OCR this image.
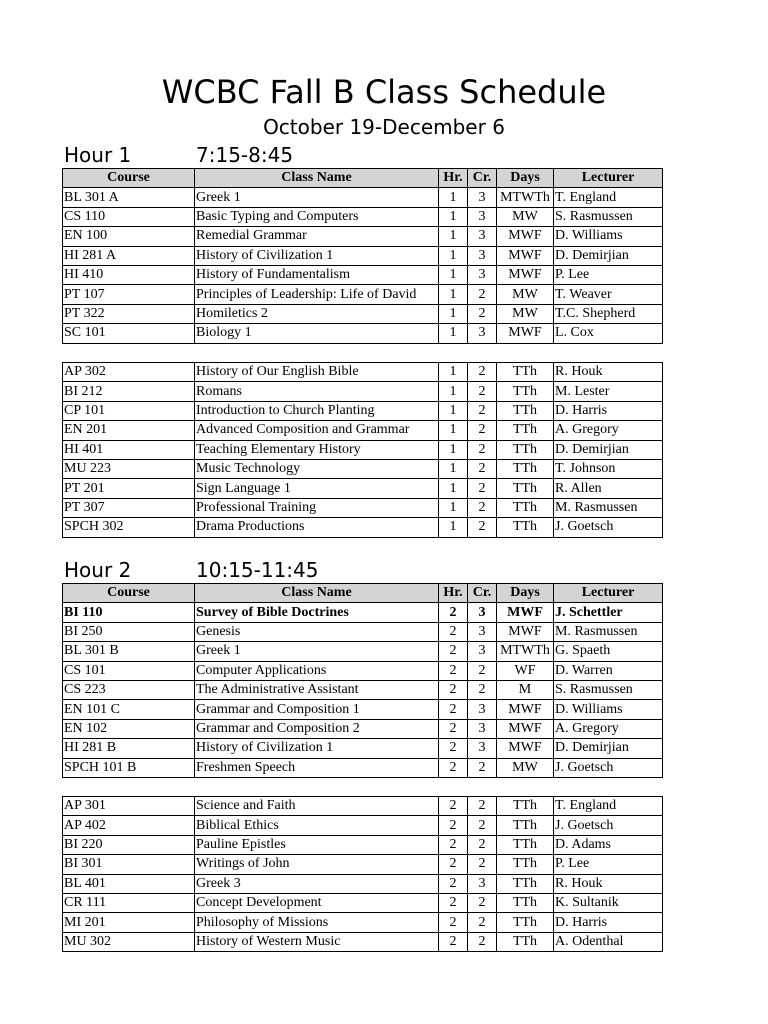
WCBC Fall B Class Schedule
October 19-December 6
Hour 1	7:15-8:45
Course	Class Name	Hr.	Cr.	Days	Lecturer
BL 301 A	Greek 1	1	3	MTWTh	T. England
CS 110	Basic Typing and Computers	1	3	MW	S. Rasmussen
EN 100	Remedial Grammar	1	3	MWF	D. Williams
HI 281 A	History of Civilization 1	1	3	MWF	D. Demirjian
HI 410	History of Fundamentalism	1	3	MWF	P. Lee
PT 107	Principles of Leadership: Life of David	1	2	MW	T. Weaver
PT 322	Homiletics 2	1	2	MW	T.C. Shepherd
SC 101	Biology 1	1	3	MWF	L. Cox
AP 302	History of Our English Bible	1	2	TTh	R. Houk
BI 212	Romans	1	2	TTh	M. Lester
CP 101	Introduction to Church Planting	1	2	TTh	D. Harris
EN 201	Advanced Composition and Grammar	1	2	TTh	A. Gregory
HI 401	Teaching Elementary History	1	2	TTh	D. Demirjian
MU 223	Music Technology	1	2	TTh	T. Johnson
PT 201	Sign Language 1	1	2	TTh	R. Allen
PT 307	Professional Training	1	2	TTh	M. Rasmussen
SPCH 302	Drama Productions	1	2	TTh	J. Goetsch
Hour 2	10:15-11:45
Course	Class Name	Hr.	Cr.	Days	Lecturer
BI 110	Survey of Bible Doctrines	2	3	MWF	J. Schettler
BI 250	Genesis	2	3	MWF	M. Rasmussen
BL 301 B	Greek 1	2	3	MTWTh	G. Spaeth
CS 101	Computer Applications	2	2	WF	D. Warren
CS 223	The Administrative Assistant	2	2	M	S. Rasmussen
EN 101 C	Grammar and Composition 1	2	3	MWF	D. Williams
EN 102	Grammar and Composition 2	2	3	MWF	A. Gregory
HI 281 B	History of Civilization 1	2	3	MWF	D. Demirjian
SPCH 101 B	Freshmen Speech	2	2	MW	J. Goetsch
AP 301	Science and Faith	2	2	TTh	T. England
AP 402	Biblical Ethics	2	2	TTh	J. Goetsch
BI 220	Pauline Epistles	2	2	TTh	D. Adams
BI 301	Writings of John	2	2	TTh	P. Lee
BL 401	Greek 3	2	3	TTh	R. Houk
CR 111	Concept Development	2	2	TTh	K. Sultanik
MI 201	Philosophy of Missions	2	2	TTh	D. Harris
MU 302	History of Western Music	2	2	TTh	A. Odenthal
